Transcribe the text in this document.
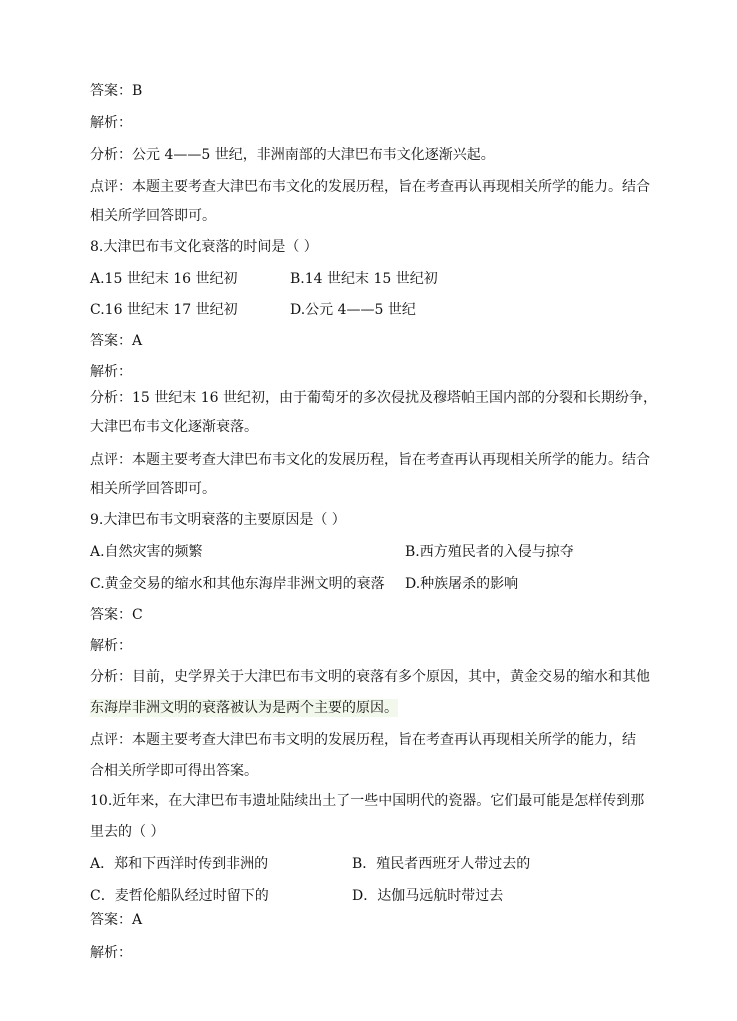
答案：B
解析：
分析：公元 4——5 世纪，非洲南部的大津巴布韦文化逐渐兴起。
点评：本题主要考查大津巴布韦文化的发展历程，旨在考查再认再现相关所学的能力。结合
相关所学回答即可。
8.大津巴布韦文化衰落的时间是（ ）
A.15 世纪末 16 世纪初	B.14 世纪末 15 世纪初
C.16 世纪末 17 世纪初	D.公元 4——5 世纪
答案：A
解析：
分析：15 世纪末 16 世纪初，由于葡萄牙的多次侵扰及穆塔帕王国内部的分裂和长期纷争，
大津巴布韦文化逐渐衰落。
点评：本题主要考查大津巴布韦文化的发展历程，旨在考查再认再现相关所学的能力。结合
相关所学回答即可。
9.大津巴布韦文明衰落的主要原因是（ ）
A.自然灾害的频繁	B.西方殖民者的入侵与掠夺
C.黄金交易的缩水和其他东海岸非洲文明的衰落 D.种族屠杀的影响
答案：C
解析：
分析：目前，史学界关于大津巴布韦文明的衰落有多个原因，其中，黄金交易的缩水和其他
东海岸非洲文明的衰落被认为是两个主要的原因。
点评：本题主要考查大津巴布韦文明的发展历程，旨在考查再认再现相关所学的能力，结
合相关所学即可得出答案。
10.近年来，在大津巴布韦遗址陆续出土了一些中国明代的瓷器。它们最可能是怎样传到那
里去的（ ）
A．郑和下西洋时传到非洲的	B．殖民者西班牙人带过去的
C．麦哲伦船队经过时留下的	D．达伽马远航时带过去
答案：A
解析：
